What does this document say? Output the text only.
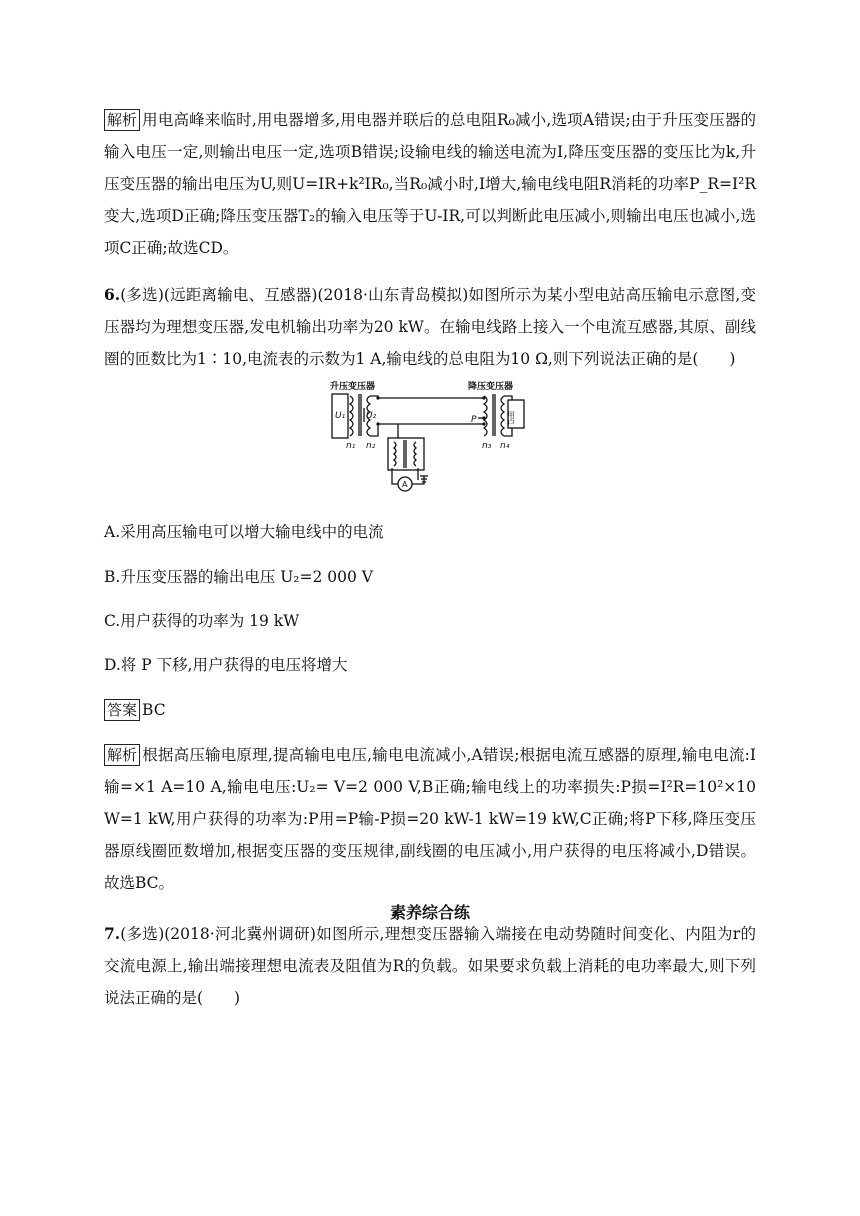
解析 用电高峰来临时,用电器增多,用电器并联后的总电阻R₀减小,选项A错误;由于升压变压器的输入电压一定,则输出电压一定,选项B错误;设输电线的输送电流为I,降压变压器的变压比为k,升压变压器的输出电压为U,则U=IR+k²IR₀,当R₀减小时,I增大,输电线电阻R消耗的功率P_R=I²R变大,选项D正确;降压变压器T₂的输入电压等于U-IR,可以判断此电压减小,则输出电压也减小,选项C正确;故选CD。

6.(多选)(远距离输电、互感器)(2018·山东青岛模拟)如图所示为某小型电站高压输电示意图,变压器均为理想变压器,发电机输出功率为20 kW。在输电线路上接入一个电流互感器,其原、副线圈的匝数比为1∶10,电流表的示数为1 A,输电线的总电阻为10 Ω,则下列说法正确的是(　　)

升压变压器	降压变压器
U₁ U₂
n₁ n₂	n₃ n₄
P
A
用户

A.采用高压输电可以增大输电线中的电流

B.升压变压器的输出电压 U₂=2 000 V

C.用户获得的功率为 19 kW

D.将 P 下移,用户获得的电压将增大

答案 BC

解析 根据高压输电原理,提高输电电压,输电电流减小,A错误;根据电流互感器的原理,输电电流:I输=×1 A=10 A,输电电压:U₂= V=2 000 V,B正确;输电线上的功率损失:P损=I²R=10²×10 W=1 kW,用户获得的功率为:P用=P输-P损=20 kW-1 kW=19 kW,C正确;将P下移,降压变压器原线圈匝数增加,根据变压器的变压规律,副线圈的电压减小,用户获得的电压将减小,D错误。故选BC。

素养综合练

7.(多选)(2018·河北冀州调研)如图所示,理想变压器输入端接在电动势随时间变化、内阻为r的交流电源上,输出端接理想电流表及阻值为R的负载。如果要求负载上消耗的电功率最大,则下列说法正确的是(　　)
